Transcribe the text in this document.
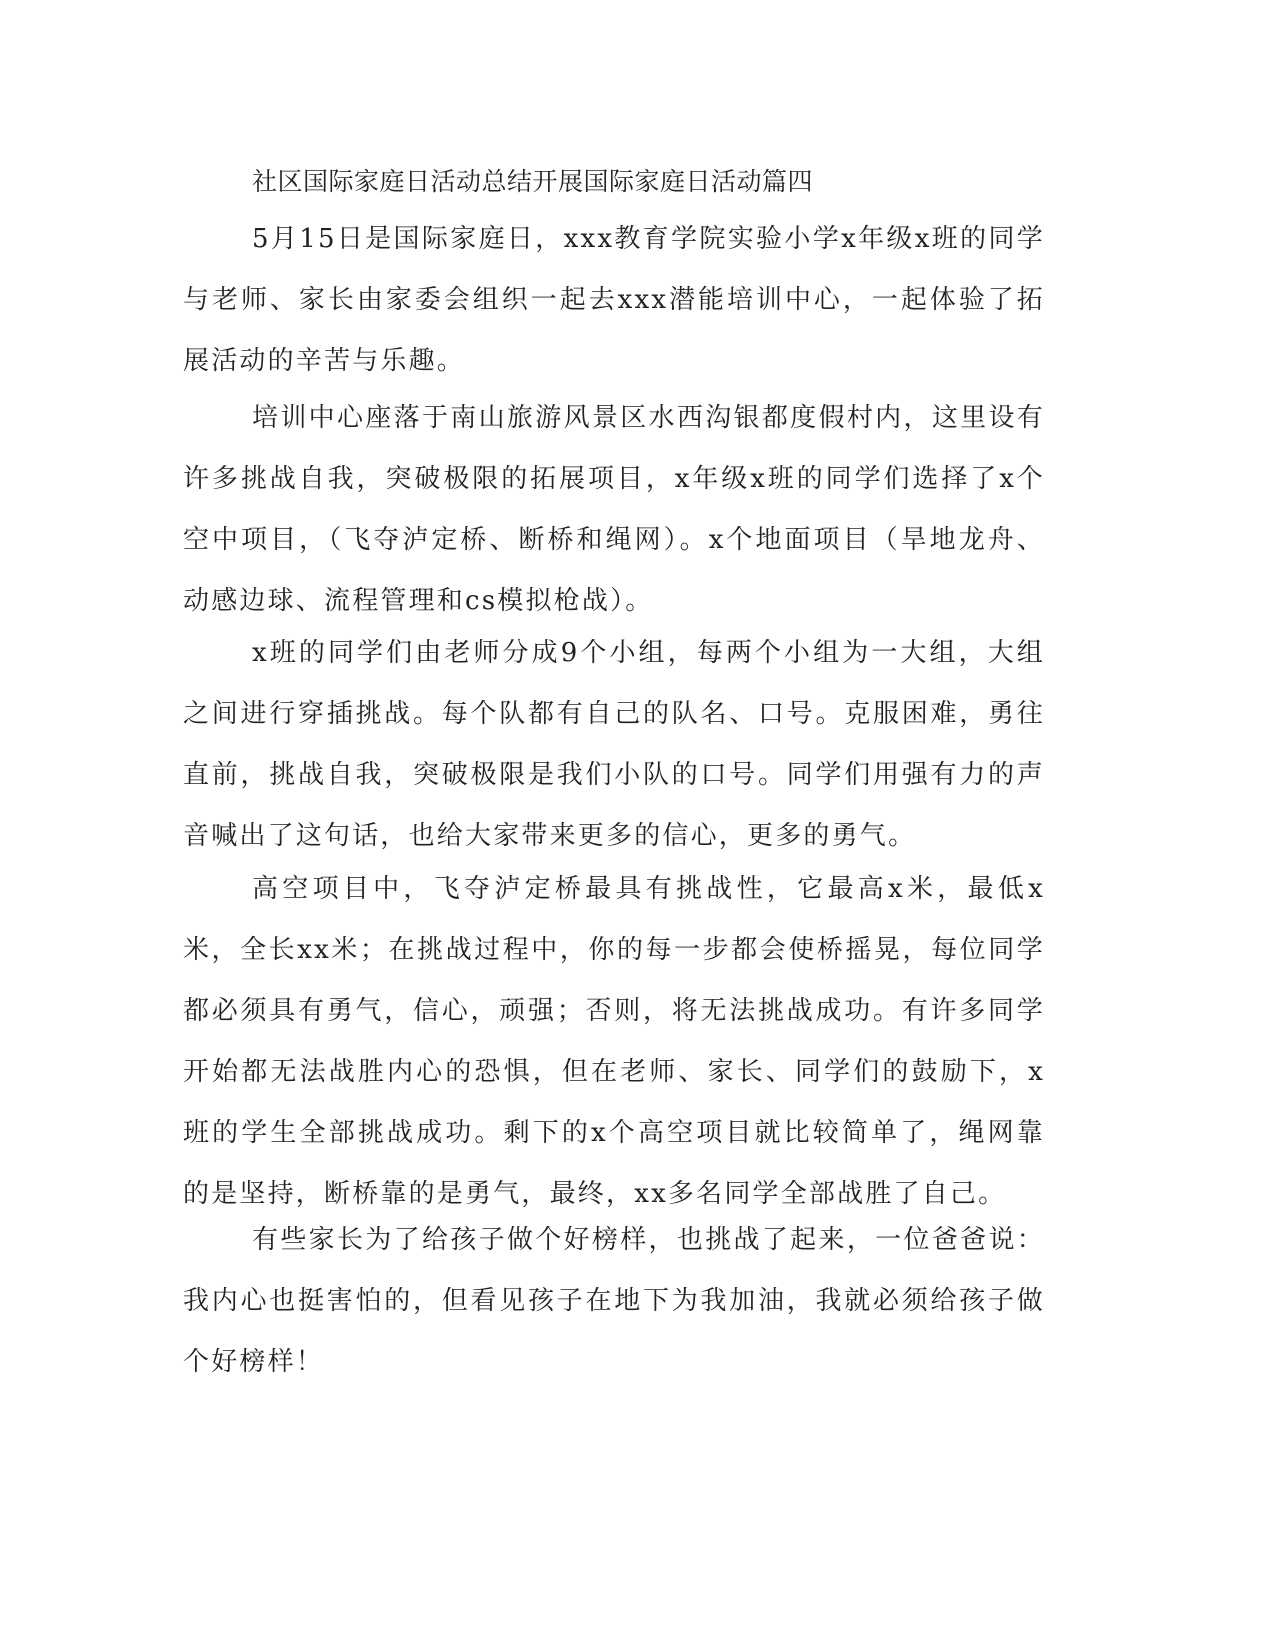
社区国际家庭日活动总结开展国际家庭日活动篇四

5月15日是国际家庭日，xxx教育学院实验小学x年级x班的同学与老师、家长由家委会组织一起去xxx潜能培训中心，一起体验了拓展活动的辛苦与乐趣。

培训中心座落于南山旅游风景区水西沟银都度假村内，这里设有许多挑战自我，突破极限的拓展项目，x年级x班的同学们选择了x个空中项目，（飞夺泸定桥、断桥和绳网）。x个地面项目（旱地龙舟、动感边球、流程管理和cs模拟枪战）。

x班的同学们由老师分成9个小组，每两个小组为一大组，大组之间进行穿插挑战。每个队都有自己的队名、口号。克服困难，勇往直前，挑战自我，突破极限是我们小队的口号。同学们用强有力的声音喊出了这句话，也给大家带来更多的信心，更多的勇气。

高空项目中，飞夺泸定桥最具有挑战性，它最高x米，最低x米，全长xx米；在挑战过程中，你的每一步都会使桥摇晃，每位同学都必须具有勇气，信心，顽强；否则，将无法挑战成功。有许多同学开始都无法战胜内心的恐惧，但在老师、家长、同学们的鼓励下，x班的学生全部挑战成功。剩下的x个高空项目就比较简单了，绳网靠的是坚持，断桥靠的是勇气，最终，xx多名同学全部战胜了自己。

有些家长为了给孩子做个好榜样，也挑战了起来，一位爸爸说：我内心也挺害怕的，但看见孩子在地下为我加油，我就必须给孩子做个好榜样！
